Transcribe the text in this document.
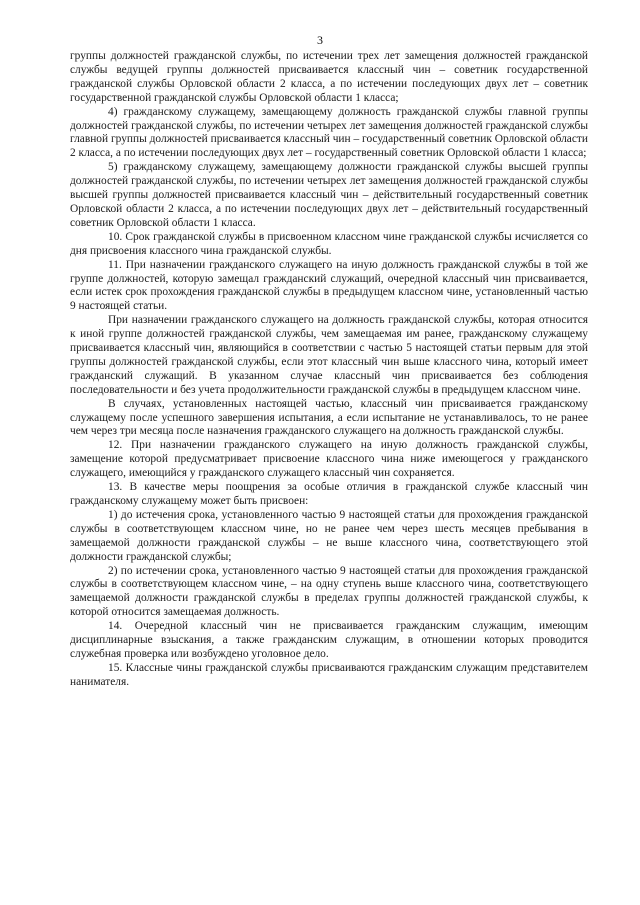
3

группы должностей гражданской службы, по истечении трех лет замещения должностей гражданской службы ведущей группы должностей присваивается классный чин – советник государственной гражданской службы Орловской области 2 класса, а по истечении последующих двух лет – советник государственной гражданской службы Орловской области 1 класса;

4) гражданскому служащему, замещающему должность гражданской службы главной группы должностей гражданской службы, по истечении четырех лет замещения должностей гражданской службы главной группы должностей присваивается классный чин – государственный советник Орловской области 2 класса, а по истечении последующих двух лет – государственный советник Орловской области 1 класса;

5) гражданскому служащему, замещающему должности гражданской службы высшей группы должностей гражданской службы, по истечении четырех лет замещения должностей гражданской службы высшей группы должностей присваивается классный чин – действительный государственный советник Орловской области 2 класса, а по истечении последующих двух лет – действительный государственный советник Орловской области 1 класса.

10. Срок гражданской службы в присвоенном классном чине гражданской службы исчисляется со дня присвоения классного чина гражданской службы.

11. При назначении гражданского служащего на иную должность гражданской службы в той же группе должностей, которую замещал гражданский служащий, очередной классный чин присваивается, если истек срок прохождения гражданской службы в предыдущем классном чине, установленный частью 9 настоящей статьи.

При назначении гражданского служащего на должность гражданской службы, которая относится к иной группе должностей гражданской службы, чем замещаемая им ранее, гражданскому служащему присваивается классный чин, являющийся в соответствии с частью 5 настоящей статьи первым для этой группы должностей гражданской службы, если этот классный чин выше классного чина, который имеет гражданский служащий. В указанном случае классный чин присваивается без соблюдения последовательности и без учета продолжительности гражданской службы в предыдущем классном чине.

В случаях, установленных настоящей частью, классный чин присваивается гражданскому служащему после успешного завершения испытания, а если испытание не устанавливалось, то не ранее чем через три месяца после назначения гражданского служащего на должность гражданской службы.

12. При назначении гражданского служащего на иную должность гражданской службы, замещение которой предусматривает присвоение классного чина ниже имеющегося у гражданского служащего, имеющийся у гражданского служащего классный чин сохраняется.

13. В качестве меры поощрения за особые отличия в гражданской службе классный чин гражданскому служащему может быть присвоен:

1) до истечения срока, установленного частью 9 настоящей статьи для прохождения гражданской службы в соответствующем классном чине, но не ранее чем через шесть месяцев пребывания в замещаемой должности гражданской службы – не выше классного чина, соответствующего этой должности гражданской службы;

2) по истечении срока, установленного частью 9 настоящей статьи для прохождения гражданской службы в соответствующем классном чине, – на одну ступень выше классного чина, соответствующего замещаемой должности гражданской службы в пределах группы должностей гражданской службы, к которой относится замещаемая должность.

14. Очередной классный чин не присваивается гражданским служащим, имеющим дисциплинарные взыскания, а также гражданским служащим, в отношении которых проводится служебная проверка или возбуждено уголовное дело.

15. Классные чины гражданской службы присваиваются гражданским служащим представителем нанимателя.
